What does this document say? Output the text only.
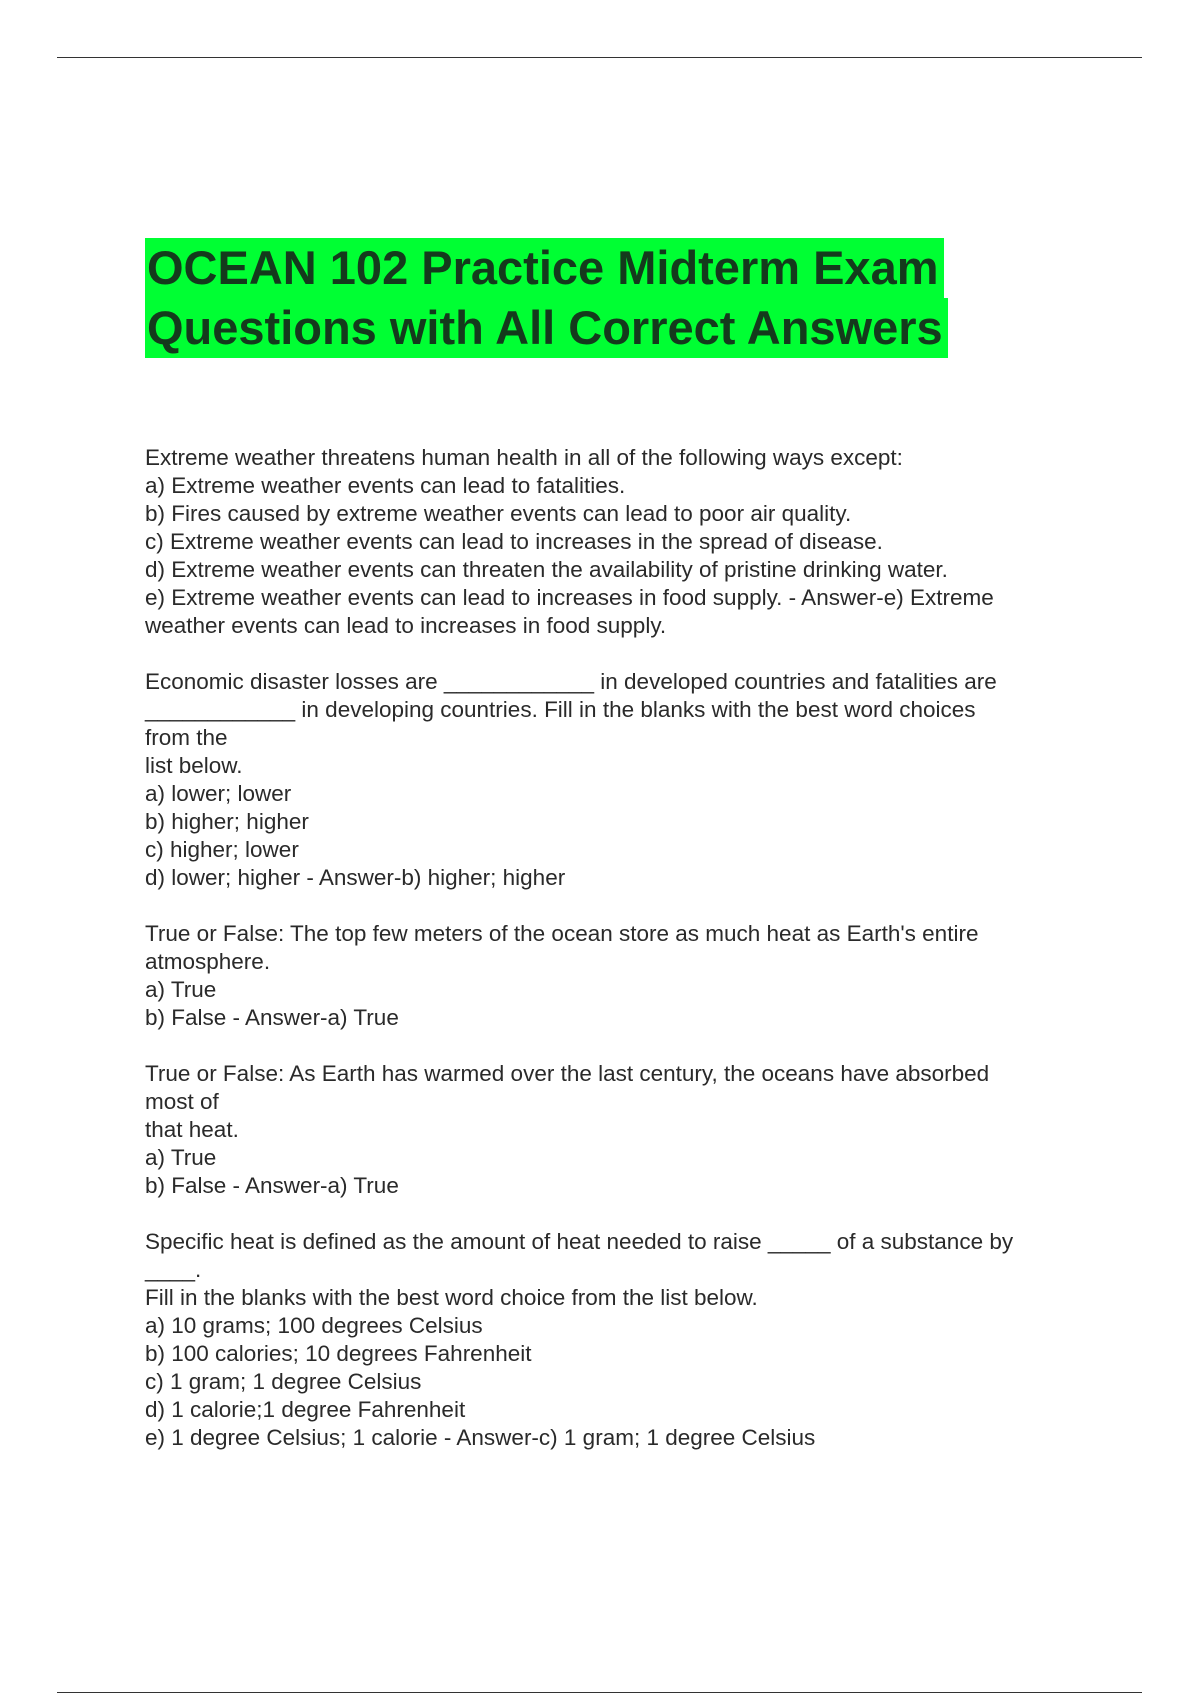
OCEAN 102 Practice Midterm Exam
Questions with All Correct Answers
Extreme weather threatens human health in all of the following ways except:
a) Extreme weather events can lead to fatalities.
b) Fires caused by extreme weather events can lead to poor air quality.
c) Extreme weather events can lead to increases in the spread of disease.
d) Extreme weather events can threaten the availability of pristine drinking water.
e) Extreme weather events can lead to increases in food supply. - Answer-e) Extreme
weather events can lead to increases in food supply.
Economic disaster losses are ____________ in developed countries and fatalities are
____________ in developing countries. Fill in the blanks with the best word choices
from the
list below.
a) lower; lower
b) higher; higher
c) higher; lower
d) lower; higher - Answer-b) higher; higher
True or False: The top few meters of the ocean store as much heat as Earth's entire
atmosphere.
a) True
b) False - Answer-a) True
True or False: As Earth has warmed over the last century, the oceans have absorbed
most of
that heat.
a) True
b) False - Answer-a) True
Specific heat is defined as the amount of heat needed to raise _____ of a substance by
____.
Fill in the blanks with the best word choice from the list below.
a) 10 grams; 100 degrees Celsius
b) 100 calories; 10 degrees Fahrenheit
c) 1 gram; 1 degree Celsius
d) 1 calorie;1 degree Fahrenheit
e) 1 degree Celsius; 1 calorie - Answer-c) 1 gram; 1 degree Celsius
